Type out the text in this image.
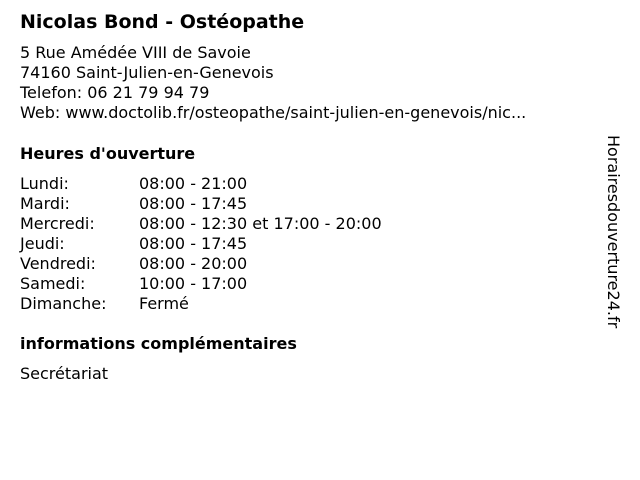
Nicolas Bond - Ostéopathe
5 Rue Amédée VIII de Savoie
74160 Saint-Julien-en-Genevois
Telefon: 06 21 79 94 79
Web: www.doctolib.fr/osteopathe/saint-julien-en-genevois/nic...
Heures d'ouverture
Lundi:	08:00 - 21:00
Mardi:	08:00 - 17:45
Mercredi:	08:00 - 12:30 et 17:00 - 20:00
Jeudi:	08:00 - 17:45
Vendredi:	08:00 - 20:00
Samedi:	10:00 - 17:00
Dimanche: Fermé
informations complémentaires
Secrétariat
Horairesdouverture24.fr
